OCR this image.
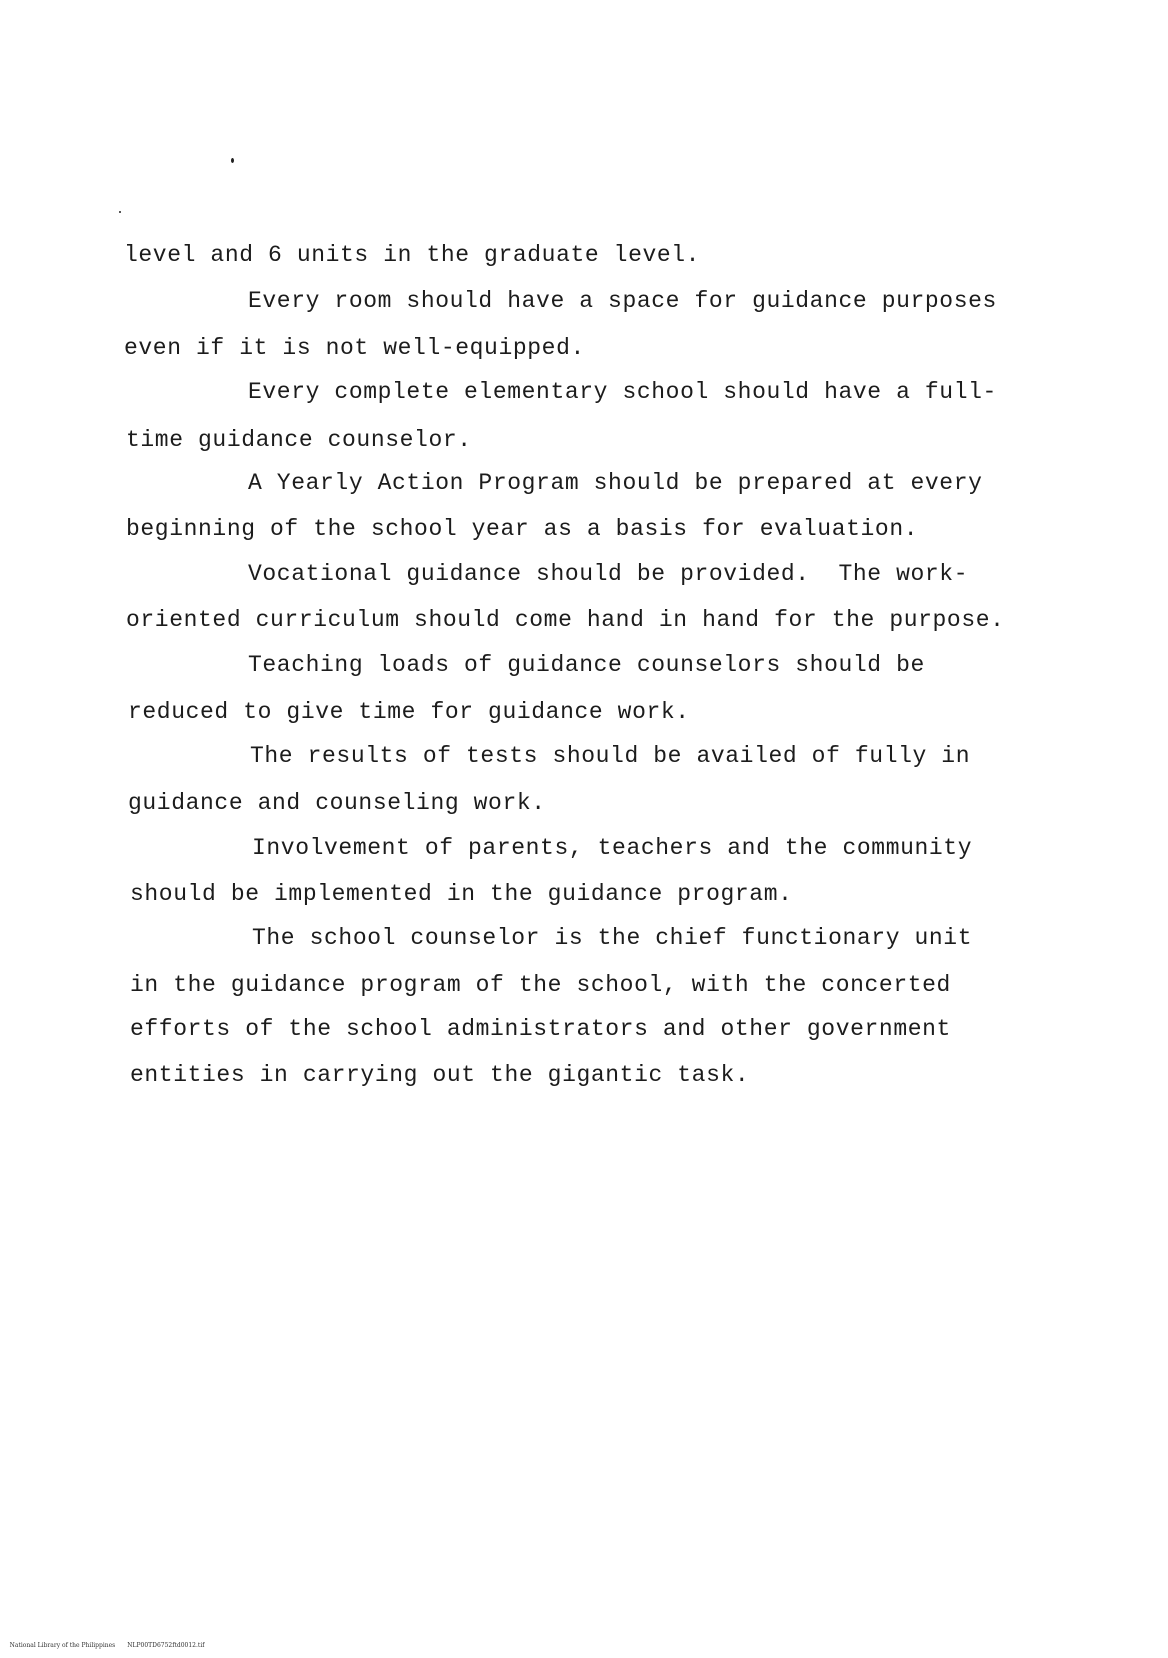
level and 6 units in the graduate level.
Every room should have a space for guidance purposes
even if it is not well-equipped.
Every complete elementary school should have a full-
time guidance counselor.
A Yearly Action Program should be prepared at every
beginning of the school year as a basis for evaluation.
Vocational guidance should be provided.  The work-
oriented curriculum should come hand in hand for the purpose.
Teaching loads of guidance counselors should be
reduced to give time for guidance work.
The results of tests should be availed of fully in
guidance and counseling work.
Involvement of parents, teachers and the community
should be implemented in the guidance program.
The school counselor is the chief functionary unit
in the guidance program of the school, with the concerted
efforts of the school administrators and other government
entities in carrying out the gigantic task.

National Library of the Philippines NLP00TD6752ftd0012.tif
